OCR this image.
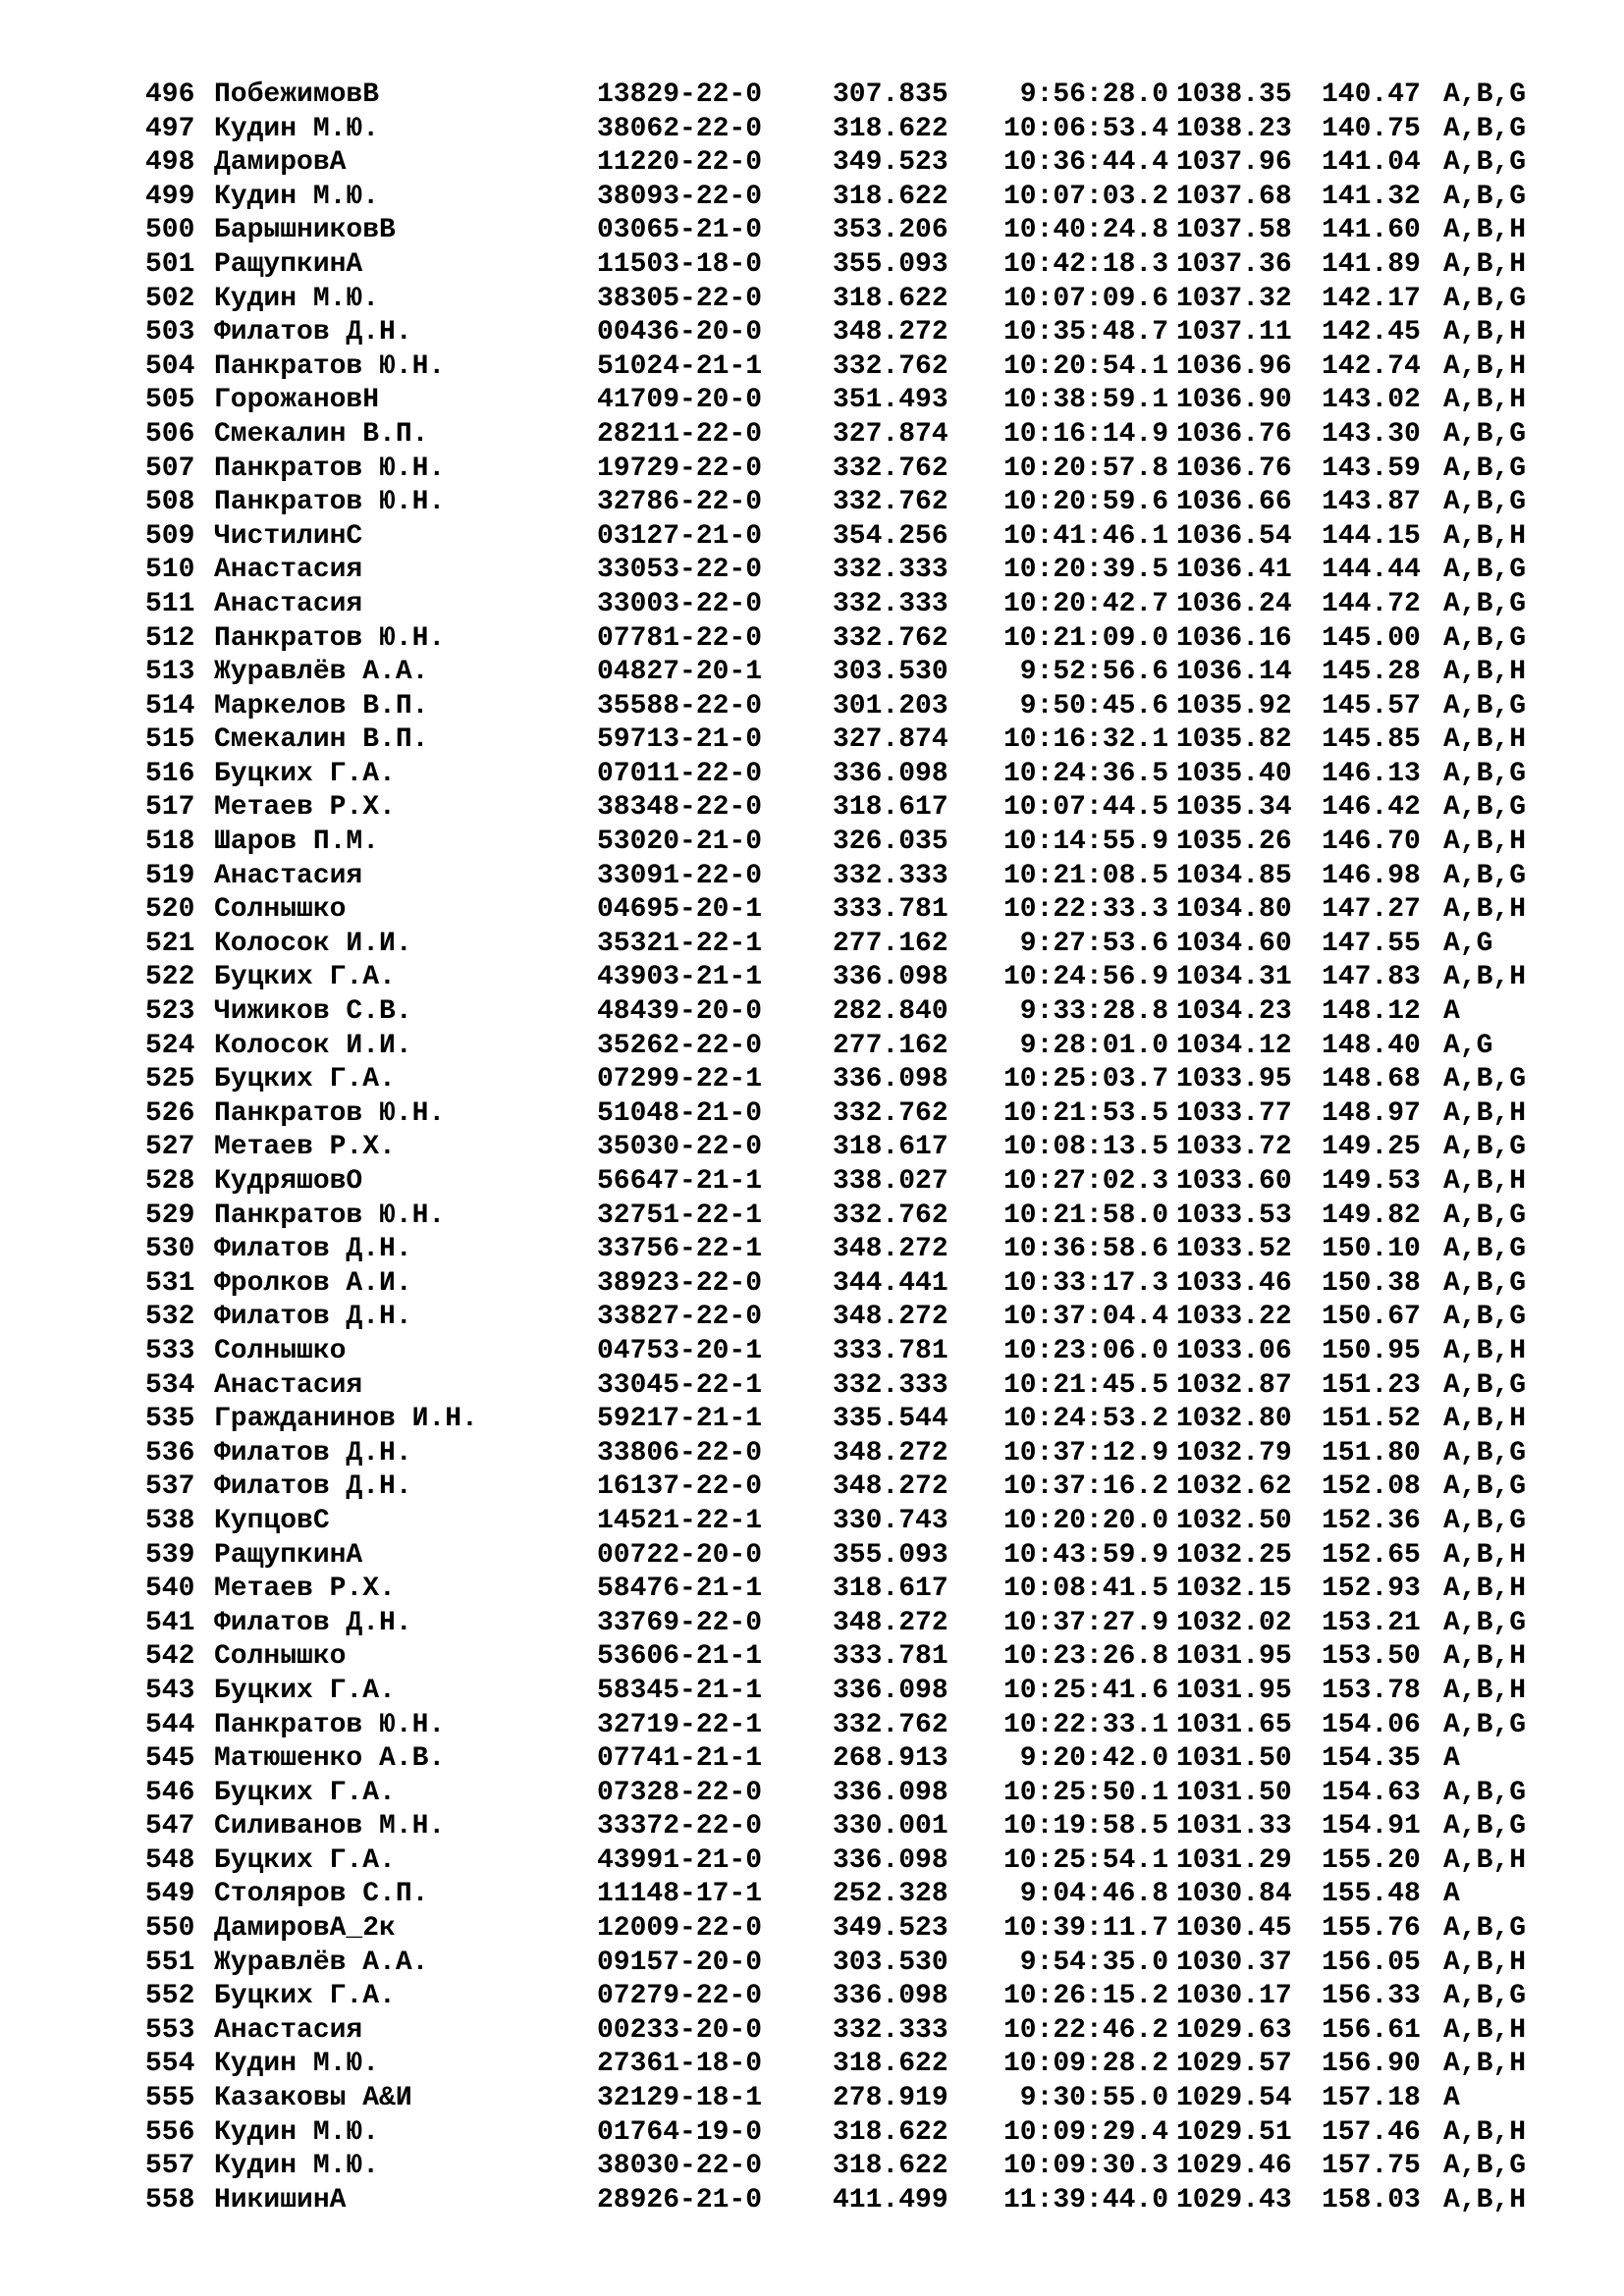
496 ПобежимовВ	13829-22-0	307.835	9:56:28.0 1038.35 140.47 A,B,G
497 Кудин М.Ю.	38062-22-0	318.622	10:06:53.4 1038.23 140.75 A,B,G
498 ДамировА	11220-22-0	349.523	10:36:44.4 1037.96 141.04 A,B,G
499 Кудин М.Ю.	38093-22-0	318.622	10:07:03.2 1037.68 141.32 A,B,G
500 БарышниковВ	03065-21-0	353.206	10:40:24.8 1037.58 141.60 A,B,H
501 РащупкинА	11503-18-0	355.093	10:42:18.3 1037.36 141.89 A,B,H
502 Кудин М.Ю.	38305-22-0	318.622	10:07:09.6 1037.32 142.17 A,B,G
503 Филатов Д.Н.	00436-20-0	348.272	10:35:48.7 1037.11 142.45 A,B,H
504 Панкратов Ю.Н.	51024-21-1	332.762	10:20:54.1 1036.96 142.74 A,B,H
505 ГорожановН	41709-20-0	351.493	10:38:59.1 1036.90 143.02 A,B,H
506 Смекалин В.П.	28211-22-0	327.874	10:16:14.9 1036.76 143.30 A,B,G
507 Панкратов Ю.Н.	19729-22-0	332.762	10:20:57.8 1036.76 143.59 A,B,G
508 Панкратов Ю.Н.	32786-22-0	332.762	10:20:59.6 1036.66 143.87 A,B,G
509 ЧистилинС	03127-21-0	354.256	10:41:46.1 1036.54 144.15 A,B,H
510 Анастасия	33053-22-0	332.333	10:20:39.5 1036.41 144.44 A,B,G
511 Анастасия	33003-22-0	332.333	10:20:42.7 1036.24 144.72 A,B,G
512 Панкратов Ю.Н.	07781-22-0	332.762	10:21:09.0 1036.16 145.00 A,B,G
513 Журавлёв А.А.	04827-20-1	303.530	9:52:56.6 1036.14 145.28 A,B,H
514 Маркелов В.П.	35588-22-0	301.203	9:50:45.6 1035.92 145.57 A,B,G
515 Смекалин В.П.	59713-21-0	327.874	10:16:32.1 1035.82 145.85 A,B,H
516 Буцких Г.А.	07011-22-0	336.098	10:24:36.5 1035.40 146.13 A,B,G
517 Метаев Р.Х.	38348-22-0	318.617	10:07:44.5 1035.34 146.42 A,B,G
518 Шаров П.М.	53020-21-0	326.035	10:14:55.9 1035.26 146.70 A,B,H
519 Анастасия	33091-22-0	332.333	10:21:08.5 1034.85 146.98 A,B,G
520 Солнышко	04695-20-1	333.781	10:22:33.3 1034.80 147.27 A,B,H
521 Колосок И.И.	35321-22-1	277.162	9:27:53.6 1034.60 147.55 A,G
522 Буцких Г.А.	43903-21-1	336.098	10:24:56.9 1034.31 147.83 A,B,H
523 Чижиков С.В.	48439-20-0	282.840	9:33:28.8 1034.23 148.12 A
524 Колосок И.И.	35262-22-0	277.162	9:28:01.0 1034.12 148.40 A,G
525 Буцких Г.А.	07299-22-1	336.098	10:25:03.7 1033.95 148.68 A,B,G
526 Панкратов Ю.Н.	51048-21-0	332.762	10:21:53.5 1033.77 148.97 A,B,H
527 Метаев Р.Х.	35030-22-0	318.617	10:08:13.5 1033.72 149.25 A,B,G
528 КудряшовО	56647-21-1	338.027	10:27:02.3 1033.60 149.53 A,B,H
529 Панкратов Ю.Н.	32751-22-1	332.762	10:21:58.0 1033.53 149.82 A,B,G
530 Филатов Д.Н.	33756-22-1	348.272	10:36:58.6 1033.52 150.10 A,B,G
531 Фролков А.И.	38923-22-0	344.441	10:33:17.3 1033.46 150.38 A,B,G
532 Филатов Д.Н.	33827-22-0	348.272	10:37:04.4 1033.22 150.67 A,B,G
533 Солнышко	04753-20-1	333.781	10:23:06.0 1033.06 150.95 A,B,H
534 Анастасия	33045-22-1	332.333	10:21:45.5 1032.87 151.23 A,B,G
535 Гражданинов И.Н.	59217-21-1	335.544	10:24:53.2 1032.80 151.52 A,B,H
536 Филатов Д.Н.	33806-22-0	348.272	10:37:12.9 1032.79 151.80 A,B,G
537 Филатов Д.Н.	16137-22-0	348.272	10:37:16.2 1032.62 152.08 A,B,G
538 КупцовС	14521-22-1	330.743	10:20:20.0 1032.50 152.36 A,B,G
539 РащупкинА	00722-20-0	355.093	10:43:59.9 1032.25 152.65 A,B,H
540 Метаев Р.Х.	58476-21-1	318.617	10:08:41.5 1032.15 152.93 A,B,H
541 Филатов Д.Н.	33769-22-0	348.272	10:37:27.9 1032.02 153.21 A,B,G
542 Солнышко	53606-21-1	333.781	10:23:26.8 1031.95 153.50 A,B,H
543 Буцких Г.А.	58345-21-1	336.098	10:25:41.6 1031.95 153.78 A,B,H
544 Панкратов Ю.Н.	32719-22-1	332.762	10:22:33.1 1031.65 154.06 A,B,G
545 Матюшенко А.В.	07741-21-1	268.913	9:20:42.0 1031.50 154.35 A
546 Буцких Г.А.	07328-22-0	336.098	10:25:50.1 1031.50 154.63 A,B,G
547 Силиванов М.Н.	33372-22-0	330.001	10:19:58.5 1031.33 154.91 A,B,G
548 Буцких Г.А.	43991-21-0	336.098	10:25:54.1 1031.29 155.20 A,B,H
549 Столяров С.П.	11148-17-1	252.328	9:04:46.8 1030.84 155.48 A
550 ДамировА_2к	12009-22-0	349.523	10:39:11.7 1030.45 155.76 A,B,G
551 Журавлёв А.А.	09157-20-0	303.530	9:54:35.0 1030.37 156.05 A,B,H
552 Буцких Г.А.	07279-22-0	336.098	10:26:15.2 1030.17 156.33 A,B,G
553 Анастасия	00233-20-0	332.333	10:22:46.2 1029.63 156.61 A,B,H
554 Кудин М.Ю.	27361-18-0	318.622	10:09:28.2 1029.57 156.90 A,B,H
555 Казаковы А&И	32129-18-1	278.919	9:30:55.0 1029.54 157.18 A
556 Кудин М.Ю.	01764-19-0	318.622	10:09:29.4 1029.51 157.46 A,B,H
557 Кудин М.Ю.	38030-22-0	318.622	10:09:30.3 1029.46 157.75 A,B,G
558 НикишинА	28926-21-0	411.499	11:39:44.0 1029.43 158.03 A,B,H
